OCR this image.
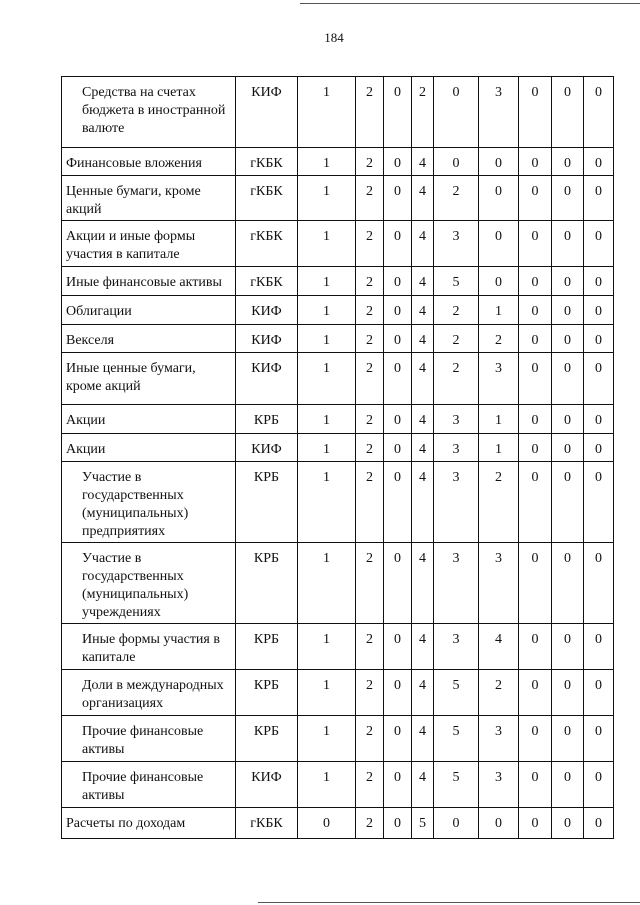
184
Средства на счетах бюджета в иностранной валюте	КИФ	1	2	0	2	0	3	0	0	0
Финансовые вложения	гКБК	1	2	0	4	0	0	0	0	0
Ценные бумаги, кроме акций	гКБК	1	2	0	4	2	0	0	0	0
Акции и иные формы участия в капитале	гКБК	1	2	0	4	3	0	0	0	0
Иные финансовые активы	гКБК	1	2	0	4	5	0	0	0	0
Облигации	КИФ	1	2	0	4	2	1	0	0	0
Векселя	КИФ	1	2	0	4	2	2	0	0	0
Иные ценные бумаги, кроме акций	КИФ	1	2	0	4	2	3	0	0	0
Акции	КРБ	1	2	0	4	3	1	0	0	0
Акции	КИФ	1	2	0	4	3	1	0	0	0
Участие в государственных (муниципальных) предприятиях	КРБ	1	2	0	4	3	2	0	0	0
Участие в государственных (муниципальных) учреждениях	КРБ	1	2	0	4	3	3	0	0	0
Иные формы участия в капитале	КРБ	1	2	0	4	3	4	0	0	0
Доли в международных организациях	КРБ	1	2	0	4	5	2	0	0	0
Прочие финансовые активы	КРБ	1	2	0	4	5	3	0	0	0
Прочие финансовые активы	КИФ	1	2	0	4	5	3	0	0	0
Расчеты по доходам	гКБК	0	2	0	5	0	0	0	0	0
